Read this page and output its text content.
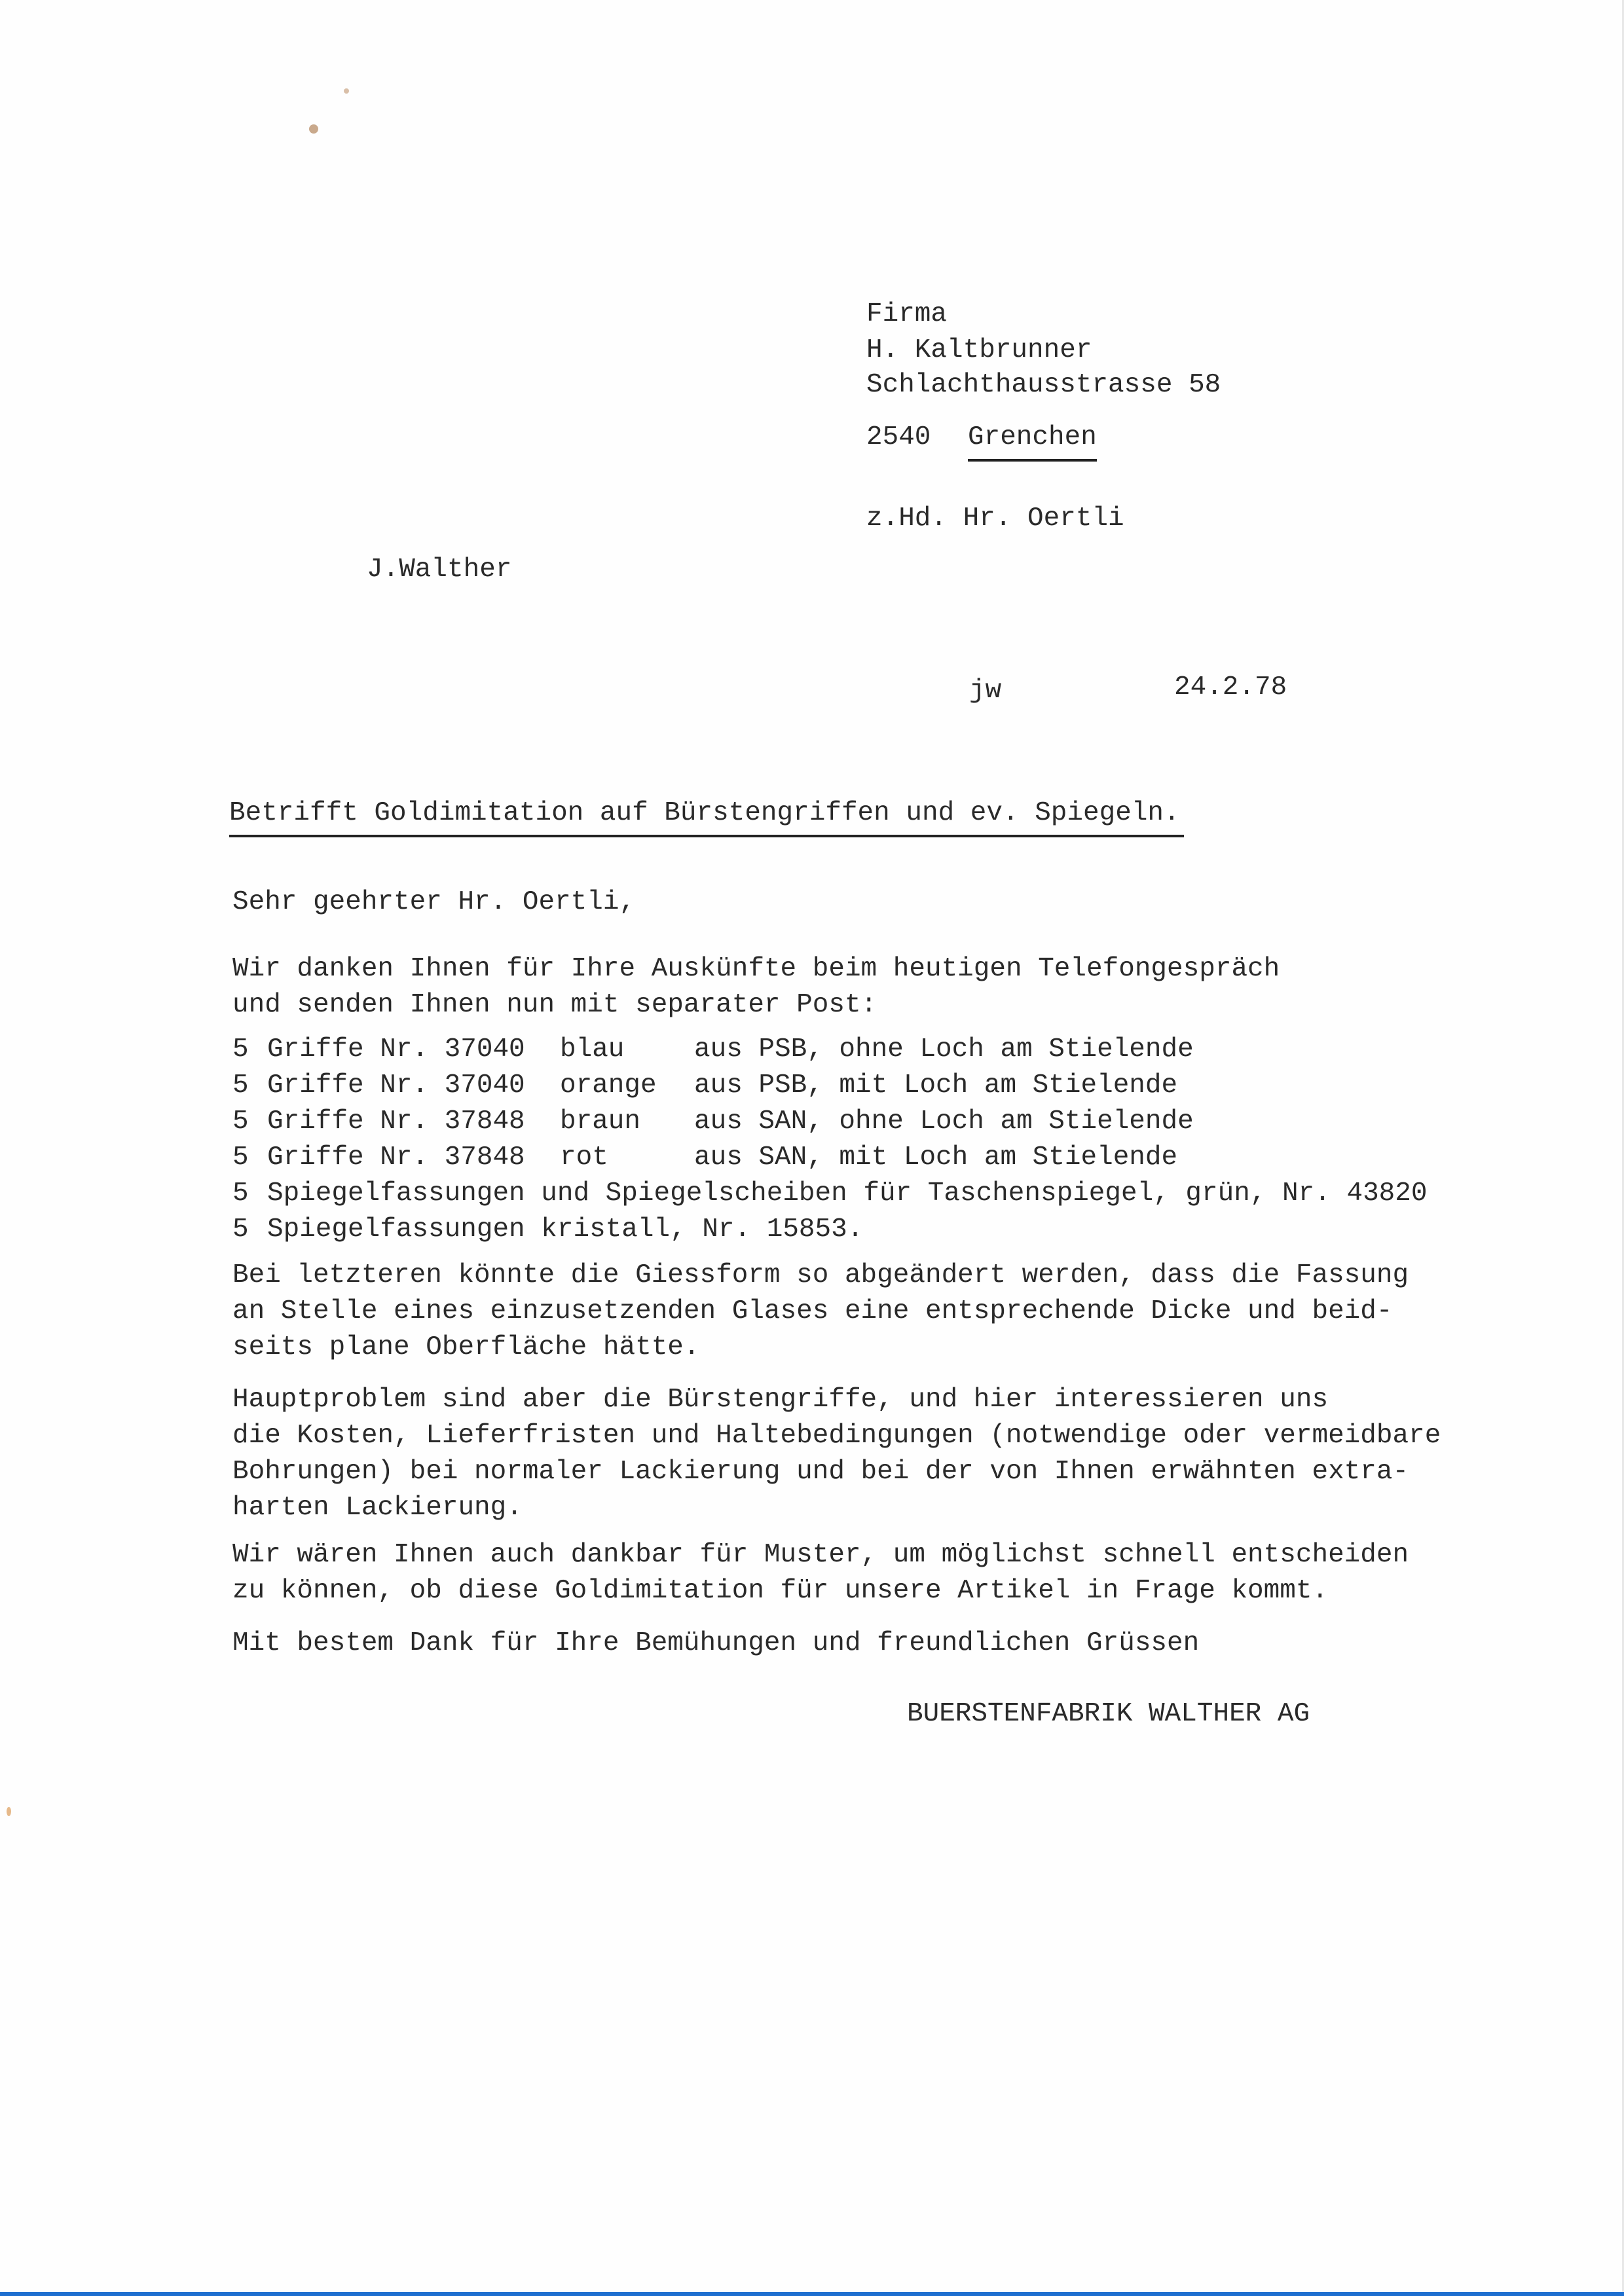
Firma
H. Kaltbrunner
Schlachthausstrasse 58
2540 Grenchen
z.Hd. Hr. Oertli
J.Walther
jw	24.2.78
Betrifft Goldimitation auf Bürstengriffen und ev. Spiegeln.
Sehr geehrter Hr. Oertli,
Wir danken Ihnen für Ihre Auskünfte beim heutigen Telefongespräch
und senden Ihnen nun mit separater Post:
5 Griffe Nr. 37040 blau	aus PSB, ohne Loch am Stielende
5 Griffe Nr. 37040 orange aus PSB, mit Loch am Stielende
5 Griffe Nr. 37848 braun aus SAN, ohne Loch am Stielende
5 Griffe Nr. 37848 rot	aus SAN, mit Loch am Stielende
5 Spiegelfassungen und Spiegelscheiben für Taschenspiegel, grün, Nr. 43820
5 Spiegelfassungen kristall, Nr. 15853.
Bei letzteren könnte die Giessform so abgeändert werden, dass die Fassung
an Stelle eines einzusetzenden Glases eine entsprechende Dicke und beid-
seits plane Oberfläche hätte.
Hauptproblem sind aber die Bürstengriffe, und hier interessieren uns
die Kosten, Lieferfristen und Haltebedingungen (notwendige oder vermeidbare
Bohrungen) bei normaler Lackierung und bei der von Ihnen erwähnten extra-
harten Lackierung.
Wir wären Ihnen auch dankbar für Muster, um möglichst schnell entscheiden
zu können, ob diese Goldimitation für unsere Artikel in Frage kommt.
Mit bestem Dank für Ihre Bemühungen und freundlichen Grüssen
BUERSTENFABRIK WALTHER AG
